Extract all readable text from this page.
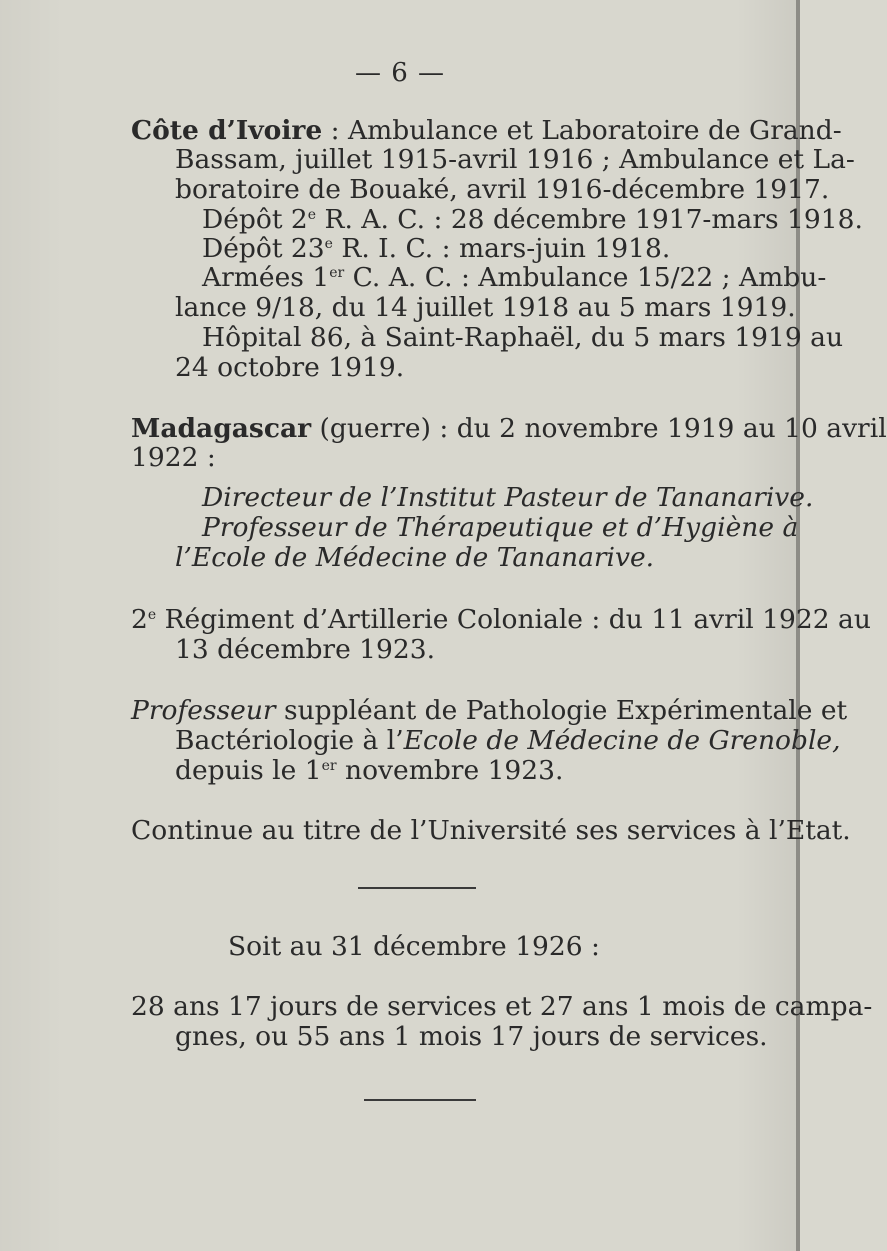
— 6 —
Côte d’Ivoire : Ambulance et Laboratoire de Grand-
Bassam, juillet 1915-avril 1916 ; Ambulance et La-
boratoire de Bouaké, avril 1916-décembre 1917.
Dépôt 2e R. A. C. : 28 décembre 1917-mars 1918.
Dépôt 23e R. I. C. : mars-juin 1918.
Armées 1er C. A. C. : Ambulance 15/22 ; Ambu-
lance 9/18, du 14 juillet 1918 au 5 mars 1919.
Hôpital 86, à Saint-Raphaël, du 5 mars 1919 au
24 octobre 1919.
Madagascar (guerre) : du 2 novembre 1919 au 10 avril
1922 :
Directeur de l’Institut Pasteur de Tananarive.
Professeur de Thérapeutique et d’Hygiène à
l’Ecole de Médecine de Tananarive.
2e Régiment d’Artillerie Coloniale : du 11 avril 1922 au
13 décembre 1923.
Professeur suppléant de Pathologie Expérimentale et
Bactériologie à l’Ecole de Médecine de Grenoble,
depuis le 1er novembre 1923.
Continue au titre de l’Université ses services à l’Etat.
Soit au 31 décembre 1926 :
28 ans 17 jours de services et 27 ans 1 mois de campa-
gnes, ou 55 ans 1 mois 17 jours de services.
